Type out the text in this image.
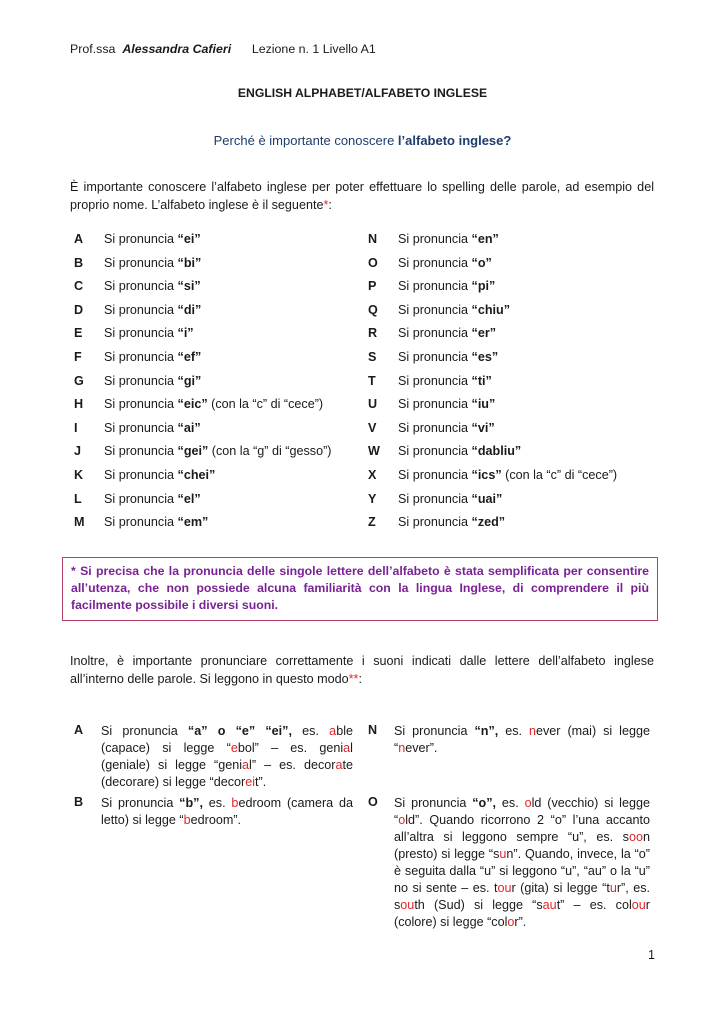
Prof.ssa Alessandra Cafieri Lezione n. 1 Livello A1
ENGLISH ALPHABET/ALFABETO INGLESE
Perché è importante conoscere l’alfabeto inglese?
È importante conoscere l’alfabeto inglese per poter effettuare lo spelling delle parole, ad esempio del proprio nome. L’alfabeto inglese è il seguente*:
A	Si pronuncia “ei”
B	Si pronuncia “bi”
C	Si pronuncia “si”
D	Si pronuncia “di”
E	Si pronuncia “i”
F	Si pronuncia “ef”
G	Si pronuncia “gi”
H	Si pronuncia “eic” (con la “c” di “cece”)
I	Si pronuncia “ai”
J	Si pronuncia “gei” (con la “g” di “gesso”)
K	Si pronuncia “chei”
L	Si pronuncia “el”
M	Si pronuncia “em”
N	Si pronuncia “en”
O	Si pronuncia “o”
P	Si pronuncia “pi”
Q	Si pronuncia “chiu”
R	Si pronuncia “er”
S	Si pronuncia “es”
T	Si pronuncia “ti”
U	Si pronuncia “iu”
V	Si pronuncia “vi”
W	Si pronuncia “dabliu”
X	Si pronuncia “ics” (con la “c” di “cece”)
Y	Si pronuncia “uai”
Z	Si pronuncia “zed”
* Si precisa che la pronuncia delle singole lettere dell’alfabeto è stata semplificata per consentire all’utenza, che non possiede alcuna familiarità con la lingua Inglese, di comprendere il più facilmente possibile i diversi suoni.
Inoltre, è importante pronunciare correttamente i suoni indicati dalle lettere dell’alfabeto inglese all’interno delle parole. Si leggono in questo modo**:
A Si pronuncia “a” o “e” “ei”, es. able (capace) si legge “ebol” – es. genial (geniale) si legge “genial” – es. decorate (decorare) si legge “decoreit”.
N Si pronuncia “n”, es. never (mai) si legge “never”.
B Si pronuncia “b”, es. bedroom (camera da letto) si legge “bedroom”.
O Si pronuncia “o”, es. old (vecchio) si legge “old”. Quando ricorrono 2 “o” l’una accanto all’altra si leggono sempre “u”, es. soon (presto) si legge “sun”. Quando, invece, la “o” è seguita dalla “u” si leggono “u”, “au” o la “u” no si sente – es. tour (gita) si legge “tur”, es. south (Sud) si legge “saut” – es. colour (colore) si legge “color”.
1
